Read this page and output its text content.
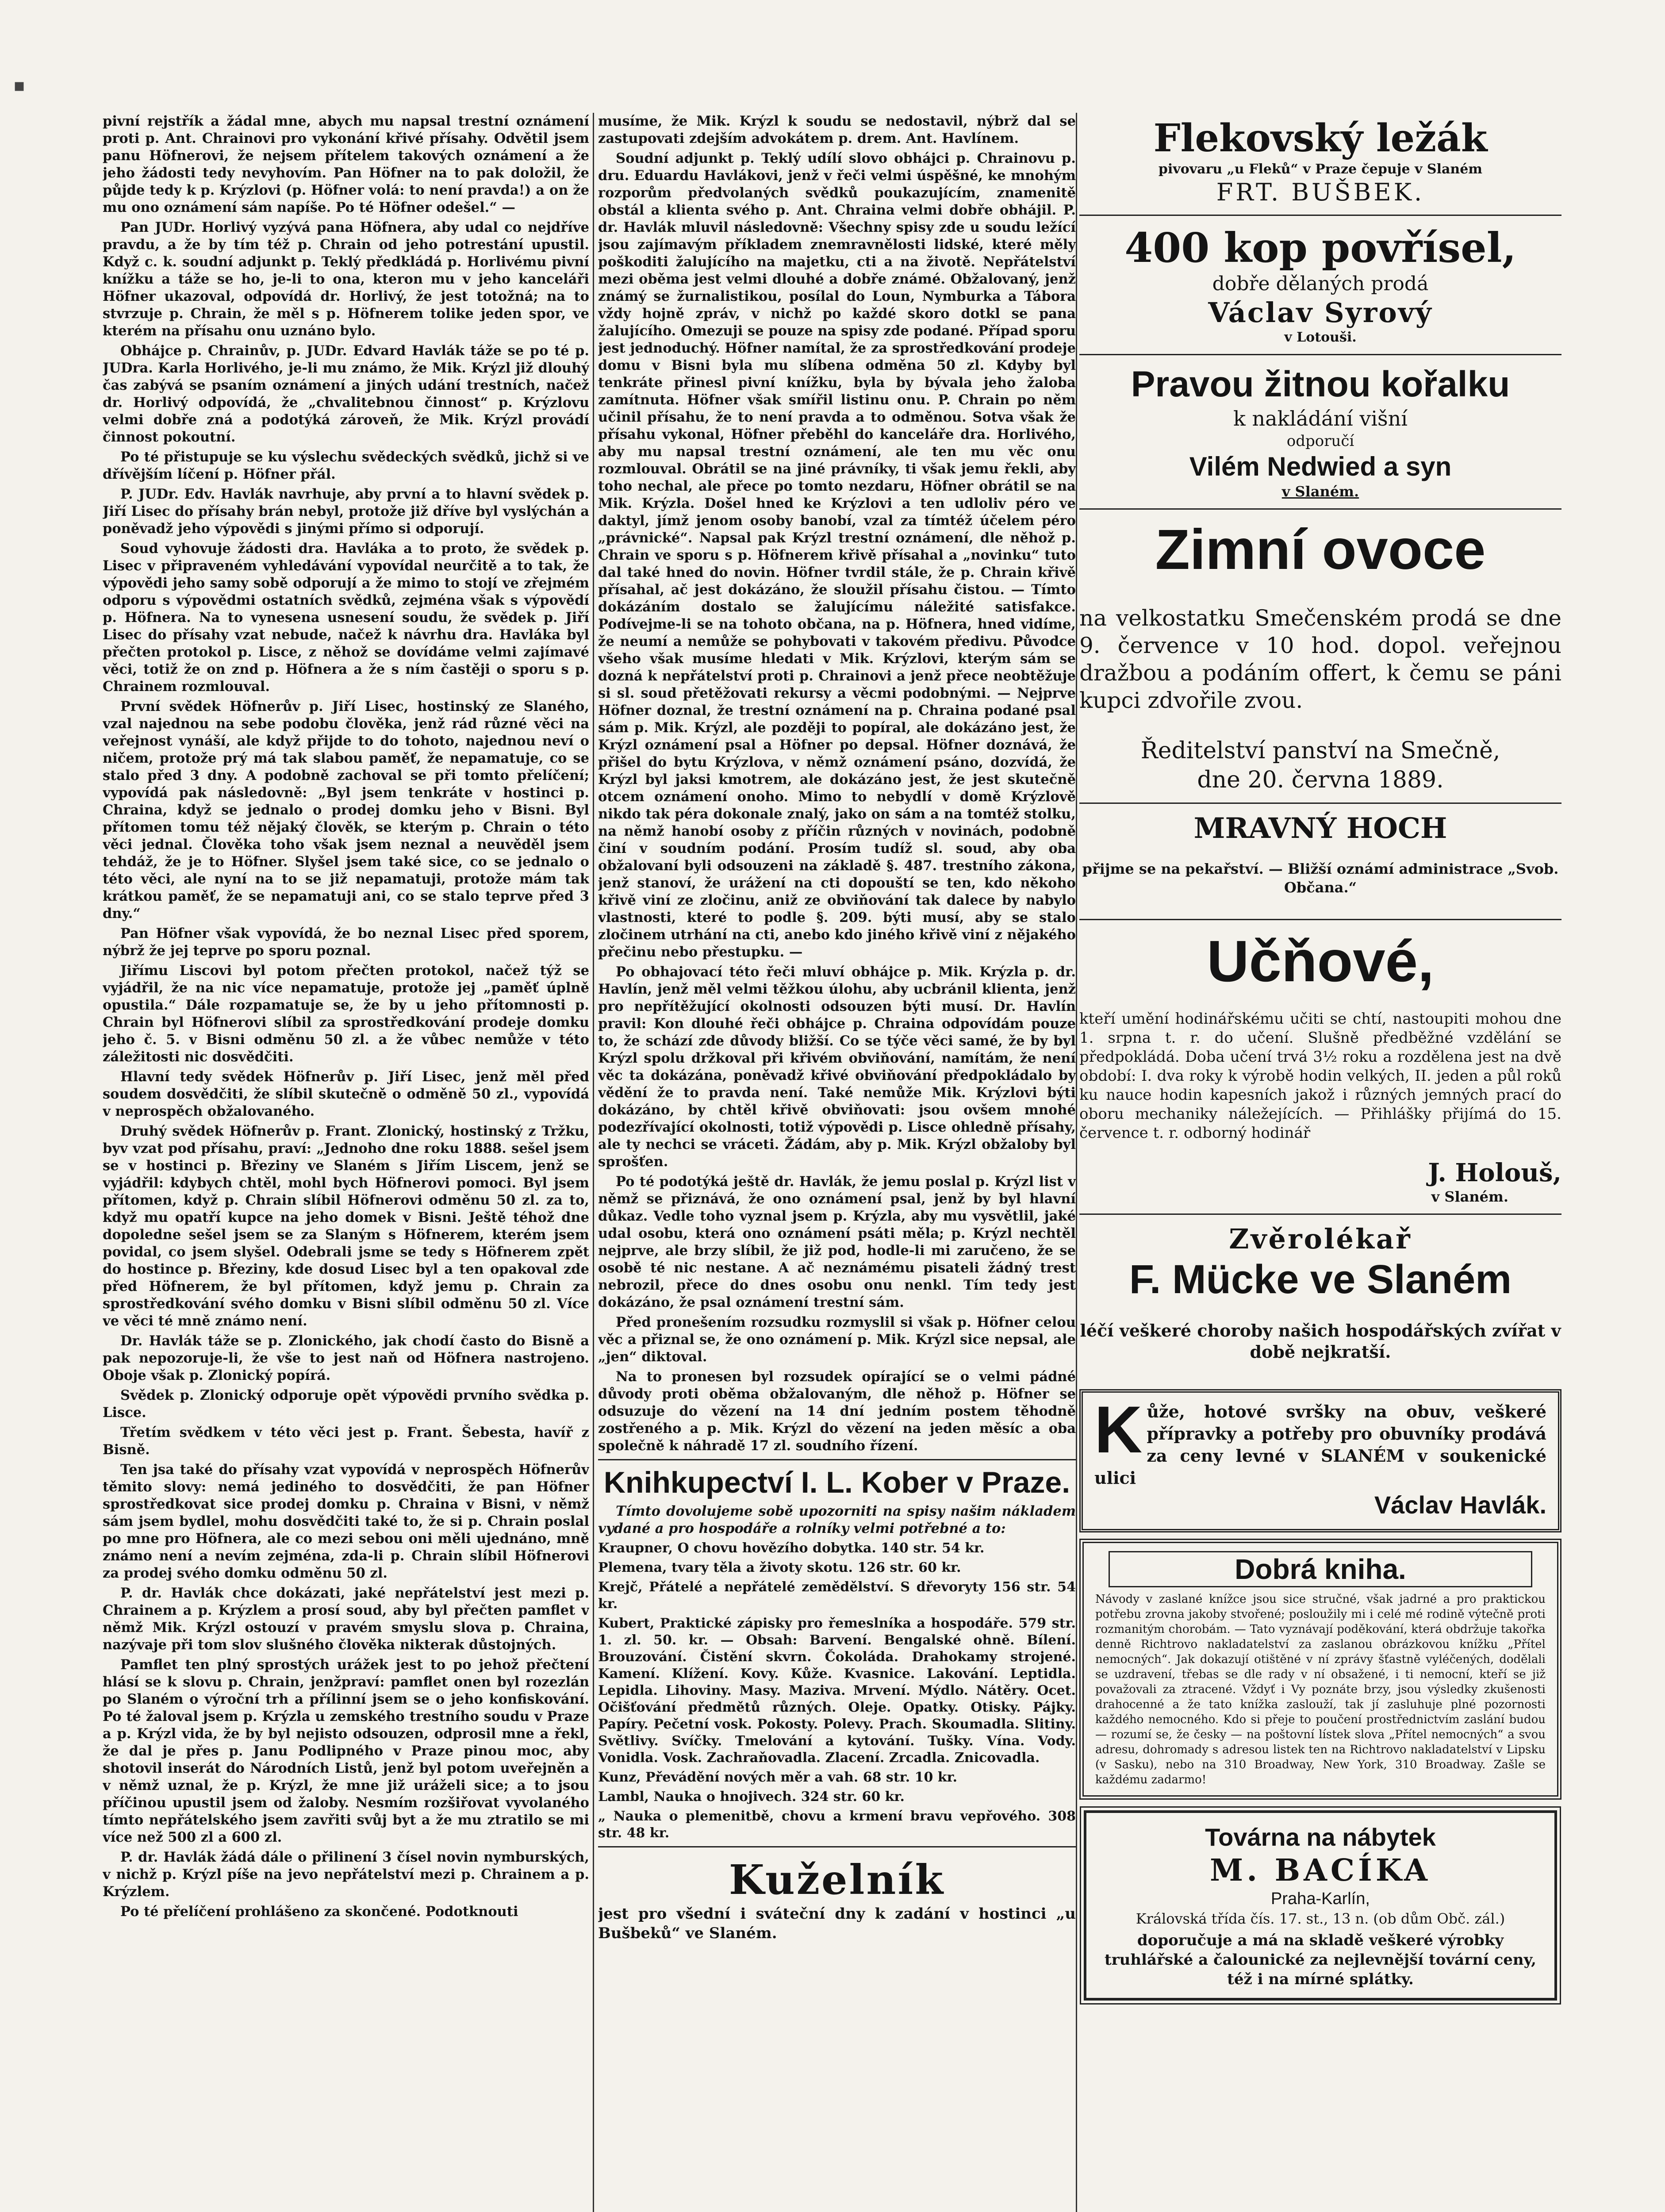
▪

pivní rejstřík a žádal mne, abych mu napsal trestní oznámení proti p. Ant. Chrainovi pro vykonání křivé přísahy. Odvětil jsem panu Höfnerovi, že nejsem přítelem takových oznámení a že jeho žádosti tedy nevyhovím. Pan Höfner na to pak doložil, že půjde tedy k p. Krýzlovi (p. Höfner volá: to není pravda!) a on že mu ono oznámení sám napíše. Po té Höfner odešel.“ —

Pan JUDr. Horlivý vyzývá pana Höfnera, aby udal co nejdříve pravdu, a že by tím též p. Chrain od jeho potrestání upustil. Když c. k. soudní adjunkt p. Teklý předkládá p. Horlivému pivní knížku a táže se ho, je-li to ona, kteron mu v jeho kanceláři Höfner ukazoval, odpovídá dr. Horlivý, že jest totožná; na to stvrzuje p. Chrain, že měl s p. Höfnerem tolike jeden spor, ve kterém na přísahu onu uznáno bylo.

Obhájce p. Chrainův, p. JUDr. Edvard Havlák táže se po té p. JUDra. Karla Horlivého, je-li mu známo, že Mik. Krýzl již dlouhý čas zabývá se psaním oznámení a jiných udání trestních, načež dr. Horlivý odpovídá, že „chvalitebnou činnost“ p. Krýzlovu velmi dobře zná a podotýká zároveň, že Mik. Krýzl provádí činnost pokoutní.

Po té přistupuje se ku výslechu svědeckých svědků, jichž si ve dřívějším líčení p. Höfner přál.

P. JUDr. Edv. Havlák navrhuje, aby první a to hlavní svědek p. Jiří Lisec do přísahy brán nebyl, protože již dříve byl vyslýchán a poněvadž jeho výpovědi s jinými přímo si odporují.

Soud vyhovuje žádosti dra. Havláka a to proto, že svědek p. Lisec v připraveném vyhledávání vypovídal neurčitě a to tak, že výpovědi jeho samy sobě odporují a že mimo to stojí ve zřejmém odporu s výpovědmi ostatních svědků, zejména však s výpovědí p. Höfnera. Na to vynesena usnesení soudu, že svědek p. Jiří Lisec do přísahy vzat nebude, načež k návrhu dra. Havláka byl přečten protokol p. Lisce, z něhož se dovídáme velmi zajímavé věci, totiž že on znd p. Höfnera a že s ním častěji o sporu s p. Chrainem rozmlouval.

První svědek Höfnerův p. Jiří Lisec, hostinský ze Slaného, vzal najednou na sebe podobu člověka, jenž rád různé věci na veřejnost vynáší, ale když přijde to do tohoto, najednou neví o ničem, protože prý má tak slabou paměť, že nepamatuje, co se stalo před 3 dny. A podobně zachoval se při tomto přelíčení; vypovídá pak následovně: „Byl jsem tenkráte v hostinci p. Chraina, když se jednalo o prodej domku jeho v Bisni. Byl přítomen tomu též nějaký člověk, se kterým p. Chrain o této věci jednal. Člověka toho však jsem neznal a neuvěděl jsem tehdáž, že je to Höfner. Slyšel jsem také sice, co se jednalo o této věci, ale nyní na to se již nepamatuji, protože mám tak krátkou paměť, že se nepamatuji ani, co se stalo teprve před 3 dny.“

Pan Höfner však vypovídá, že bo neznal Lisec před sporem, nýbrž že jej teprve po sporu poznal.

Jiřímu Liscovi byl potom přečten protokol, načež týž se vyjádřil, že na nic více nepamatuje, protože jej „paměť úplně opustila.“ Dále rozpamatuje se, že by u jeho přítomnosti p. Chrain byl Höfnerovi slíbil za sprostředkování prodeje domku jeho č. 5. v Bisni odměnu 50 zl. a že vůbec nemůže v této záležitosti nic dosvědčiti.

Hlavní tedy svědek Höfnerův p. Jiří Lisec, jenž měl před soudem dosvědčiti, že slíbil skutečně o odměně 50 zl., vypovídá v neprospěch obžalovaného.

Druhý svědek Höfnerův p. Frant. Zlonický, hostinský z Tržku, byv vzat pod přísahu, praví: „Jednoho dne roku 1888. sešel jsem se v hostinci p. Březiny ve Slaném s Jiřím Liscem, jenž se vyjádřil: kdybych chtěl, mohl bych Höfnerovi pomoci. Byl jsem přítomen, když p. Chrain slíbil Höfnerovi odměnu 50 zl. za to, když mu opatří kupce na jeho domek v Bisni. Ještě téhož dne dopoledne sešel jsem se za Slaným s Höfnerem, kterém jsem povidal, co jsem slyšel. Odebrali jsme se tedy s Höfnerem zpět do hostince p. Březiny, kde dosud Lisec byl a ten opakoval zde před Höfnerem, že byl přítomen, když jemu p. Chrain za sprostředkování svého domku v Bisni slíbil odměnu 50 zl. Více ve věci té mně známo není.

Dr. Havlák táže se p. Zlonického, jak chodí často do Bisně a pak nepozoruje-li, že vše to jest naň od Höfnera nastrojeno. Oboje však p. Zlonický popírá.

Svědek p. Zlonický odporuje opět výpovědi prvního svědka p. Lisce.

Třetím svědkem v této věci jest p. Frant. Šebesta, havíř z Bisně.

Ten jsa také do přísahy vzat vypovídá v neprospěch Höfnerův těmito slovy: nemá jediného to dosvědčiti, že pan Höfner sprostředkovat sice prodej domku p. Chraina v Bisni, v němž sám jsem bydlel, mohu dosvědčiti také to, že si p. Chrain poslal po mne pro Höfnera, ale co mezi sebou oni měli ujednáno, mně známo není a nevím zejména, zda-li p. Chrain slíbil Höfnerovi za prodej svého domku odměnu 50 zl.

P. dr. Havlák chce dokázati, jaké nepřátelství jest mezi p. Chrainem a p. Krýzlem a prosí soud, aby byl přečten pamflet v němž Mik. Krýzl ostouzí v pravém smyslu slova p. Chraina, nazývaje při tom slov slušného člověka nikterak důstojných.

Pamflet ten plný sprostých urážek jest to po jehož přečtení hlásí se k slovu p. Chrain, jenžpraví: pamflet onen byl rozezlán po Slaném o výroční trh a přílinní jsem se o jeho konfiskování. Po té žaloval jsem p. Krýzla u zemského trestního soudu v Praze a p. Krýzl vida, že by byl nejisto odsouzen, odprosil mne a řekl, že dal je přes p. Janu Podlipného v Praze pinou moc, aby shotovil inserát do Národních Listů, jenž byl potom uveřejněn a v němž uznal, že p. Krýzl, že mne již uráželi sice; a to jsou příčinou upustil jsem od žaloby. Nesmím rozšiřovat vyvolaného tímto nepřátelského jsem zavřiti svůj byt a že mu ztratilo se mi více než 500 zl a 600 zl.

P. dr. Havlák žádá dále o přilinení 3 čísel novin nymburských, v nichž p. Krýzl píše na jevo nepřátelství mezi p. Chrainem a p. Krýzlem.

Po té přelíčení prohlášeno za skončené. Podotknouti

musíme, že Mik. Krýzl k soudu se nedostavil, nýbrž dal se zastupovati zdejším advokátem p. drem. Ant. Havlínem.

Soudní adjunkt p. Teklý udílí slovo obhájci p. Chrainovu p. dru. Eduardu Havlákovi, jenž v řeči velmi úspěšné, ke mnohým rozporům předvolaných svědků poukazujícím, znamenitě obstál a klienta svého p. Ant. Chraina velmi dobře obhájil. P. dr. Havlák mluvil následovně: Všechny spisy zde u soudu ležící jsou zajímavým příkladem znemravnělosti lidské, které měly poškoditi žalujícího na majetku, cti a na životě. Nepřátelství mezi oběma jest velmi dlouhé a dobře známé. Obžalovaný, jenž známý se žurnalistikou, posílal do Loun, Nymburka a Tábora vždy hojně zpráv, v nichž po každé skoro dotkl se pana žalujícího. Omezuji se pouze na spisy zde podané. Případ sporu jest jednoduchý. Höfner namítal, že za sprostředkování prodeje domu v Bisni byla mu slíbena odměna 50 zl. Kdyby byl tenkráte přinesl pivní knížku, byla by bývala jeho žaloba zamítnuta. Höfner však smířil listinu onu. P. Chrain po něm učinil přísahu, že to není pravda a to odměnou. Sotva však že přísahu vykonal, Höfner přeběhl do kanceláře dra. Horlivého, aby mu napsal trestní oznámení, ale ten mu věc onu rozmlouval. Obrátil se na jiné právníky, ti však jemu řekli, aby toho nechal, ale přece po tomto nezdaru, Höfner obrátil se na Mik. Krýzla. Došel hned ke Krýzlovi a ten udloliv péro ve daktyl, jímž jenom osoby banobí, vzal za tímtéž účelem péro „právnické“. Napsal pak Krýzl trestní oznámení, dle něhož p. Chrain ve sporu s p. Höfnerem křivě přísahal a „novinku“ tuto dal také hned do novin. Höfner tvrdil stále, že p. Chrain křivě přísahal, ač jest dokázáno, že sloužil přísahu čistou. — Tímto dokázáním dostalo se žalujícímu náležité satisfakce. Podívejme-li se na tohoto občana, na p. Höfnera, hned vidíme, že neumí a nemůže se pohybovati v takovém předivu. Původce všeho však musíme hledati v Mik. Krýzlovi, kterým sám se dozná k nepřátelství proti p. Chrainovi a jenž přece neobtěžuje si sl. soud přetěžovati rekursy a věcmi podobnými. — Nejprve Höfner doznal, že trestní oznámení na p. Chraina podané psal sám p. Mik. Krýzl, ale později to popíral, ale dokázáno jest, že Krýzl oznámení psal a Höfner po depsal. Höfner doznává, že přišel do bytu Krýzlova, v němž oznámení psáno, dozvídá, že Krýzl byl jaksi kmotrem, ale dokázáno jest, že jest skutečně otcem oznámení onoho. Mimo to nebydlí v domě Krýzlově nikdo tak péra dokonale znalý, jako on sám a na tomtéž stolku, na němž hanobí osoby z příčin různých v novinách, podobně činí v soudním podání. Prosím tudíž sl. soud, aby oba obžalovaní byli odsouzeni na základě §. 487. trestního zákona, jenž stanoví, že urážení na cti dopouští se ten, kdo někoho křivě viní ze zločinu, aniž ze obviňování tak dalece by nabylo vlastnosti, které to podle §. 209. býti musí, aby se stalo zločinem utrhání na cti, anebo kdo jiného křivě viní z nějakého přečinu nebo přestupku. —

Po obhajovací této řeči mluví obhájce p. Mik. Krýzla p. dr. Havlín, jenž měl velmi těžkou úlohu, aby ucbránil klienta, jenž pro nepřítěžující okolnosti odsouzen býti musí. Dr. Havlín pravil: Kon dlouhé řeči obhájce p. Chraina odpovídám pouze to, že schází zde důvody bližší. Co se týče věci samé, že by byl Krýzl spolu držkoval při křivém obviňování, namítám, že není věc ta dokázána, poněvadž křivé obviňování předpokládalo by vědění že to pravda není. Také nemůže Mik. Krýzlovi býti dokázáno, by chtěl křivě obviňovati: jsou ovšem mnohé podezřívající okolnosti, totiž výpovědi p. Lisce ohledně přísahy, ale ty nechci se vráceti. Žádám, aby p. Mik. Krýzl obžaloby byl sprošťen.

Po té podotýká ještě dr. Havlák, že jemu poslal p. Krýzl list v němž se přiznává, že ono oznámení psal, jenž by byl hlavní důkaz. Vedle toho vyznal jsem p. Krýzla, aby mu vysvětlil, jaké udal osobu, která ono oznámení psáti měla; p. Krýzl nechtěl nejprve, ale brzy slíbil, že již pod, hodle-li mi zaručeno, že se osobě té nic nestane. A ač neznámému pisateli žádný trest nebrozil, přece do dnes osobu onu nenkl. Tím tedy jest dokázáno, že psal oznámení trestní sám.

Před pronešením rozsudku rozmyslil si však p. Höfner celou věc a přiznal se, že ono oznámení p. Mik. Krýzl sice nepsal, ale „jen“ diktoval.

Na to pronesen byl rozsudek opírající se o velmi pádné důvody proti oběma obžalovaným, dle něhož p. Höfner se odsuzuje do vězení na 14 dní jedním postem těhodně zostřeného a p. Mik. Krýzl do vězení na jeden měsíc a oba společně k náhradě 17 zl. soudního řízení.

Knihkupectví I. L. Kober v Praze.

Tímto dovolujeme sobě upozorniti na spisy našim nákladem vydané a pro hospodáře a rolníky velmi potřebné a to:

Kraupner, O chovu hovězího dobytka. 140 str. 54 kr.

Plemena, tvary těla a životy skotu. 126 str. 60 kr.

Krejč, Přátelé a nepřátelé zemědělství. S dřevoryty 156 str. 54 kr.

Kubert, Praktické zápisky pro řemeslníka a hospodáře. 579 str. 1. zl. 50. kr. — Obsah: Barvení. Bengalské ohně. Bílení. Brouzování. Čistění skvrn. Čokoláda. Drahokamy strojené. Kamení. Klížení. Kovy. Kůže. Kvasnice. Lakování. Leptidla. Lepidla. Lihoviny. Masy. Maziva. Mrvení. Mýdlo. Nátěry. Ocet. Očišťování předmětů různých. Oleje. Opatky. Otisky. Pájky. Papíry. Pečetní vosk. Pokosty. Polevy. Prach. Skoumadla. Slitiny. Světlivy. Svíčky. Tmelování a kytování. Tušky. Vína. Vody. Vonidla. Vosk. Zachraňovadla. Zlacení. Zrcadla. Znicovadla.

Kunz, Převádění nových měr a vah. 68 str. 10 kr.

Lambl, Nauka o hnojivech. 324 str. 60 kr.

„ Nauka o plemenitbě, chovu a krmení bravu vepřového. 308 str. 48 kr.

Kuželník

jest pro všední i sváteční dny k zadání v hostinci „u Bušbeků“ ve Slaném.

Flekovský ležák
pivovaru „u Fleků“ v Praze čepuje v Slaném
FRT. BUŠBEK.
400 kop povřísel,
dobře dělaných prodá
Václav Syrový
v Lotouši.
Pravou žitnou kořalku
k nakládání višní
odporučí
Vilém Nedwied a syn
v Slaném.
Zimní ovoce

na velkostatku Smečenském prodá se dne 9. července v 10 hod. dopol. veřejnou dražbou a podáním offert, k čemu se páni kupci zdvořile zvou.

Ředitelství panství na Smečně,
dne 20. června 1889.
MRAVNÝ HOCH

přijme se na pekařství. — Bližší oznámí administrace „Svob. Občana.“

Učňové,

kteří umění hodinářskému učiti se chtí, nastoupiti mohou dne 1. srpna t. r. do učení. Slušně předběžné vzdělání se předpokládá. Doba učení trvá 3½ roku a rozdělena jest na dvě období: I. dva roky k výrobě hodin velkých, II. jeden a půl roků ku nauce hodin kapesních jakož i různých jemných prací do oboru mechaniky náležejících. — Přihlášky přijímá do 15. července t. r. odborný hodinář

J. Holouš,
v Slaném.
Zvěrolékař
F. Mücke ve Slaném

léčí veškeré choroby našich hospodářských zvířat v době nejkratší.

Kůže, hotové svršky na obuv, veškeré přípravky a potřeby pro obuvníky prodává za ceny levné v SLANÉM v soukenické ulici

Václav Havlák.
Dobrá kniha.

Návody v zaslané knížce jsou sice stručné, však jadrné a pro praktickou potřebu zrovna jakoby stvořené; posloužily mi i celé mé rodině výtečně proti rozmanitým chorobám. — Tato vyznávají poděkování, která obdržuje takořka denně Richtrovo nakladatelství za zaslanou obrázkovou knížku „Přítel nemocných“. Jak dokazují otištěné v ní zprávy šťastně vyléčených, dodělali se uzdravení, třebas se dle rady v ní obsažené, i ti nemocní, kteří se již považovali za ztracené. Vždyť i Vy poznáte brzy, jsou výsledky zkušenosti drahocenné a že tato knížka zaslouží, tak jí zasluhuje plné pozornosti každého nemocného. Kdo si přeje to poučení prostřednictvím zaslání budou — rozumí se, že česky — na poštovní lístek slova „Přítel nemocných“ a svou adresu, dohromady s adresou listek ten na Richtrovo nakladatelství v Lipsku (v Sasku), nebo na 310 Broadway, New York, 310 Broadway. Zašle se každému zadarmo!

Továrna na nábytek
M. BACÍKA
Praha-Karlín,
Královská třída čís. 17. st., 13 n. (ob dům Obč. zál.)

doporučuje a má na skladě veškeré výrobky truhlářské a čalounické za nejlevnější tovární ceny, též i na mírné splátky.
